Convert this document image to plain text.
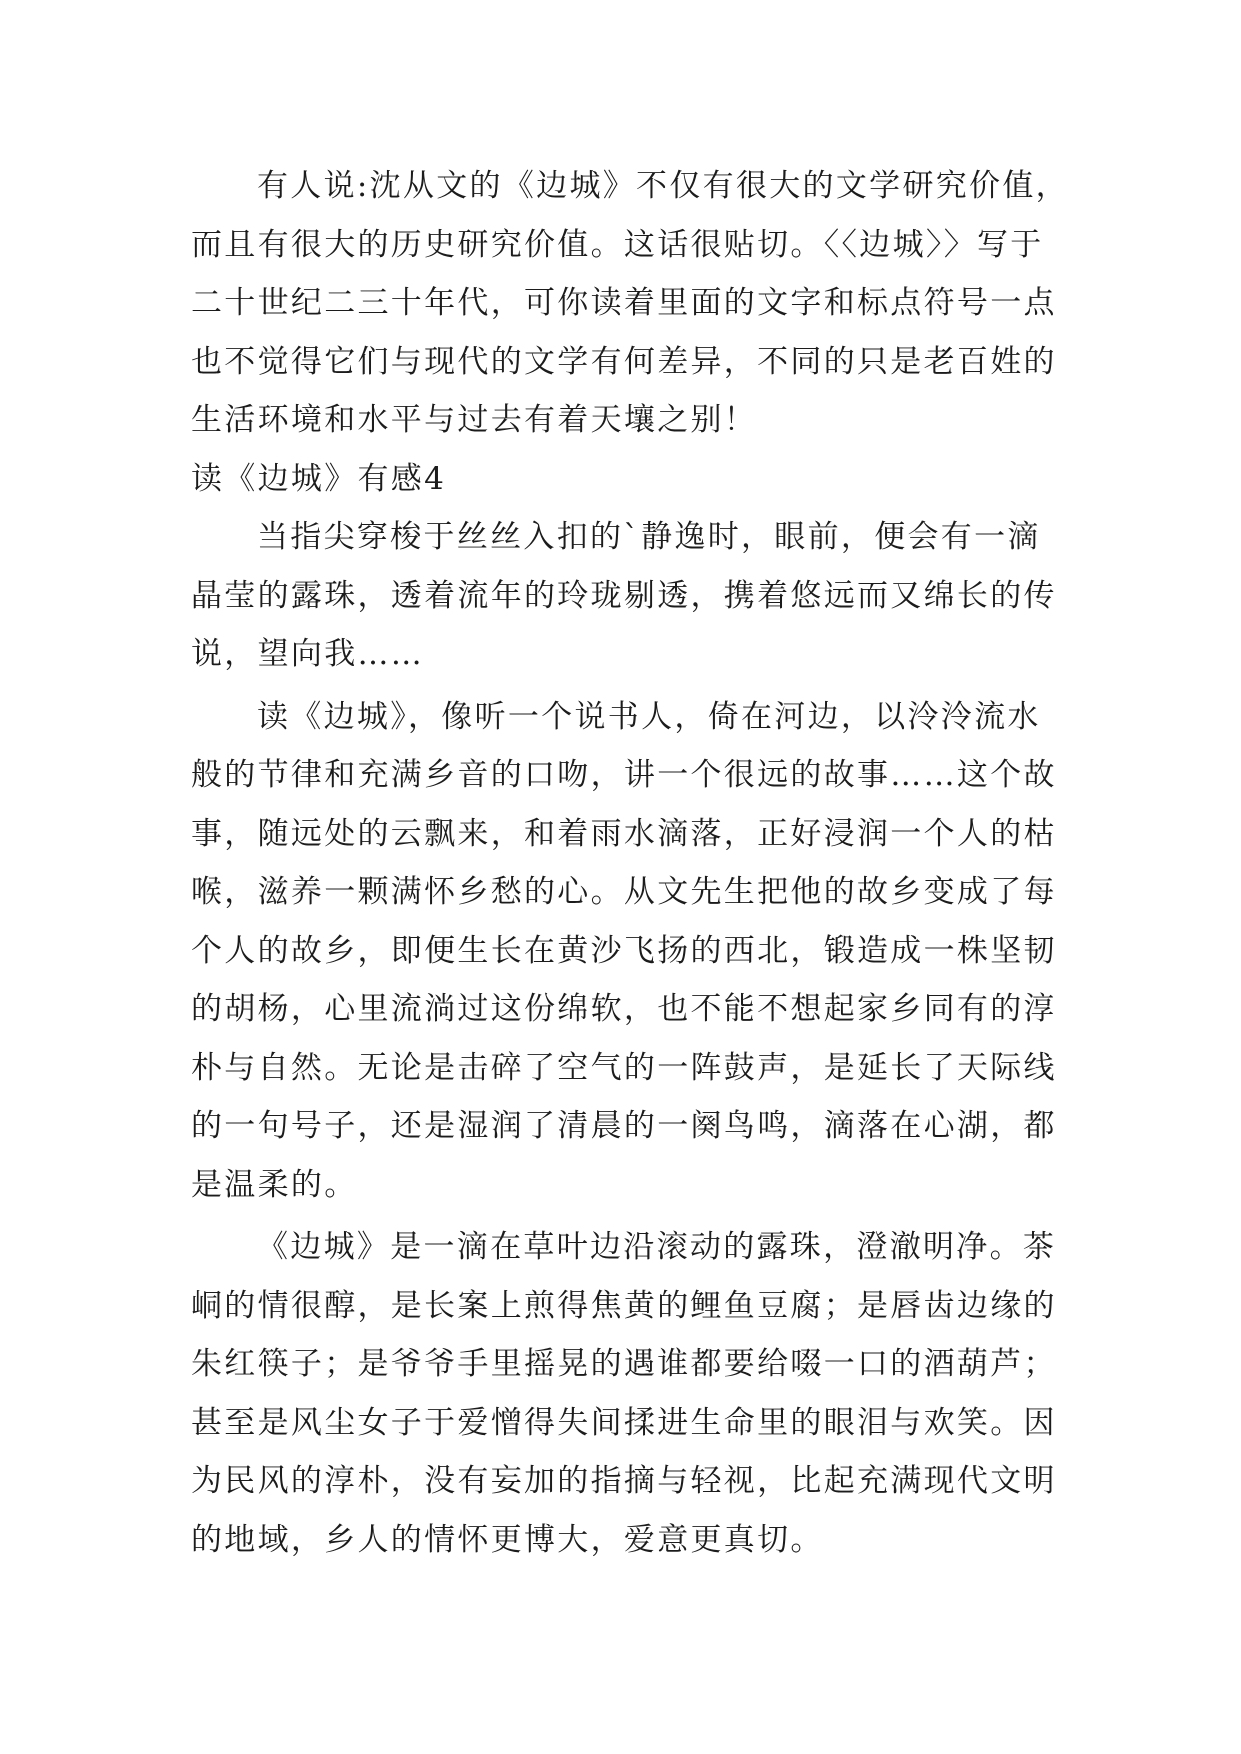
有人说:沈从文的《边城》不仅有很大的文学研究价值，
而且有很大的历史研究价值。这话很贴切。〈〈边城〉〉写于
二十世纪二三十年代，可你读着里面的文字和标点符号一点
也不觉得它们与现代的文学有何差异，不同的只是老百姓的
生活环境和水平与过去有着天壤之别！
读《边城》有感4
当指尖穿梭于丝丝入扣的`静逸时，眼前，便会有一滴
晶莹的露珠，透着流年的玲珑剔透，携着悠远而又绵长的传
说，望向我……
读《边城》，像听一个说书人，倚在河边，以泠泠流水
般的节律和充满乡音的口吻，讲一个很远的故事……这个故
事，随远处的云飘来，和着雨水滴落，正好浸润一个人的枯
喉，滋养一颗满怀乡愁的心。从文先生把他的故乡变成了每
个人的故乡，即便生长在黄沙飞扬的西北，锻造成一株坚韧
的胡杨，心里流淌过这份绵软，也不能不想起家乡同有的淳
朴与自然。无论是击碎了空气的一阵鼓声，是延长了天际线
的一句号子，还是湿润了清晨的一阕鸟鸣，滴落在心湖，都
是温柔的。
《边城》是一滴在草叶边沿滚动的露珠，澄澈明净。茶
峒的情很醇，是长案上煎得焦黄的鲤鱼豆腐；是唇齿边缘的
朱红筷子；是爷爷手里摇晃的遇谁都要给啜一口的酒葫芦；
甚至是风尘女子于爱憎得失间揉进生命里的眼泪与欢笑。因
为民风的淳朴，没有妄加的指摘与轻视，比起充满现代文明
的地域，乡人的情怀更博大，爱意更真切。
